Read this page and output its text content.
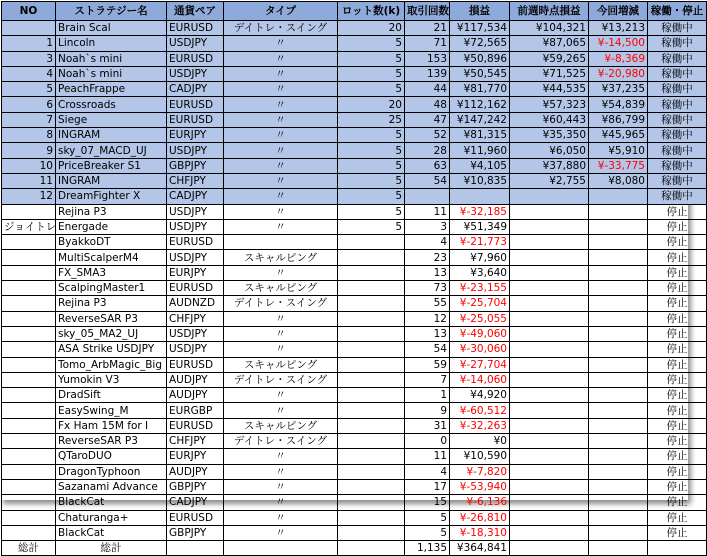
NO	ストラテジー名	通貨ペア	タイプ	ロット数(k)	取引回数	損益	前週時点損益	今回増減	稼働・停止
	Brain Scal	EURUSD	デイトレ・スイング	20	21	¥117,534	¥104,321	¥13,213	稼働中
1	Lincoln	USDJPY	〃	5	71	¥72,565	¥87,065	¥-14,500	稼働中
3	Noah`s mini	EURUSD	〃	5	153	¥50,896	¥59,265	¥-8,369	稼働中
4	Noah`s mini	USDJPY	〃	5	139	¥50,545	¥71,525	¥-20,980	稼働中
5	PeachFrappe	CADJPY	〃	5	44	¥81,770	¥44,535	¥37,235	稼働中
6	Crossroads	EURUSD	〃	20	48	¥112,162	¥57,323	¥54,839	稼働中
7	Siege	EURUSD	〃	25	47	¥147,242	¥60,443	¥86,799	稼働中
8	INGRAM	EURJPY	〃	5	52	¥81,315	¥35,350	¥45,965	稼働中
9	sky_07_MACD_UJ	USDJPY	〃	5	28	¥11,960	¥6,050	¥5,910	稼働中
10	PriceBreaker S1	GBPJPY	〃	5	63	¥4,105	¥37,880	¥-33,775	稼働中
11	INGRAM	CHFJPY	〃	5	54	¥10,835	¥2,755	¥8,080	稼働中
12	DreamFighter X	CADJPY	〃	5					稼働中
	Rejina P3	USDJPY	〃	5	11	¥-32,185			停止
ジョイトレ	Energade	USDJPY	〃	5	3	¥51,349			停止
	ByakkoDT	EURUSD			4	¥-21,773			停止
	MultiScalperM4	USDJPY	スキャルピング		23	¥7,960			停止
	FX_SMA3	EURJPY	〃		13	¥3,640			停止
	ScalpingMaster1	EURUSD	スキャルピング		73	¥-23,155			停止
	Rejina P3	AUDNZD	デイトレ・スイング		55	¥-25,704			停止
	ReverseSAR P3	CHFJPY	〃		12	¥-25,055			停止
	sky_05_MA2_UJ	USDJPY	〃		13	¥-49,060			停止
	ASA Strike USDJPY	USDJPY	〃		54	¥-30,060			停止
	Tomo_ArbMagic_Big	EURUSD	スキャルピング		59	¥-27,704			停止
	Yumokin V3	AUDJPY	デイトレ・スイング		7	¥-14,060			停止
	DradSift	AUDJPY	〃		1	¥4,920			停止
	EasySwing_M	EURGBP	〃		9	¥-60,512			停止
	Fx Ham 15M for I	EURUSD	スキャルピング		31	¥-32,263			停止
	ReverseSAR P3	CHFJPY	デイトレ・スイング		0	¥0			停止
	QTaroDUO	EURJPY	〃		11	¥10,590			停止
	DragonTyphoon	AUDJPY	〃		4	¥-7,820			停止
	Sazanami Advance	GBPJPY	〃		17	¥-53,940			停止
	BlackCat	CADJPY	〃		15	¥-6,136			停止
	Chaturanga+	EURUSD	〃		5	¥-26,810			停止
	BlackCat	GBPJPY	〃		5	¥-18,310			停止
総計	総計				1,135	¥364,841			
